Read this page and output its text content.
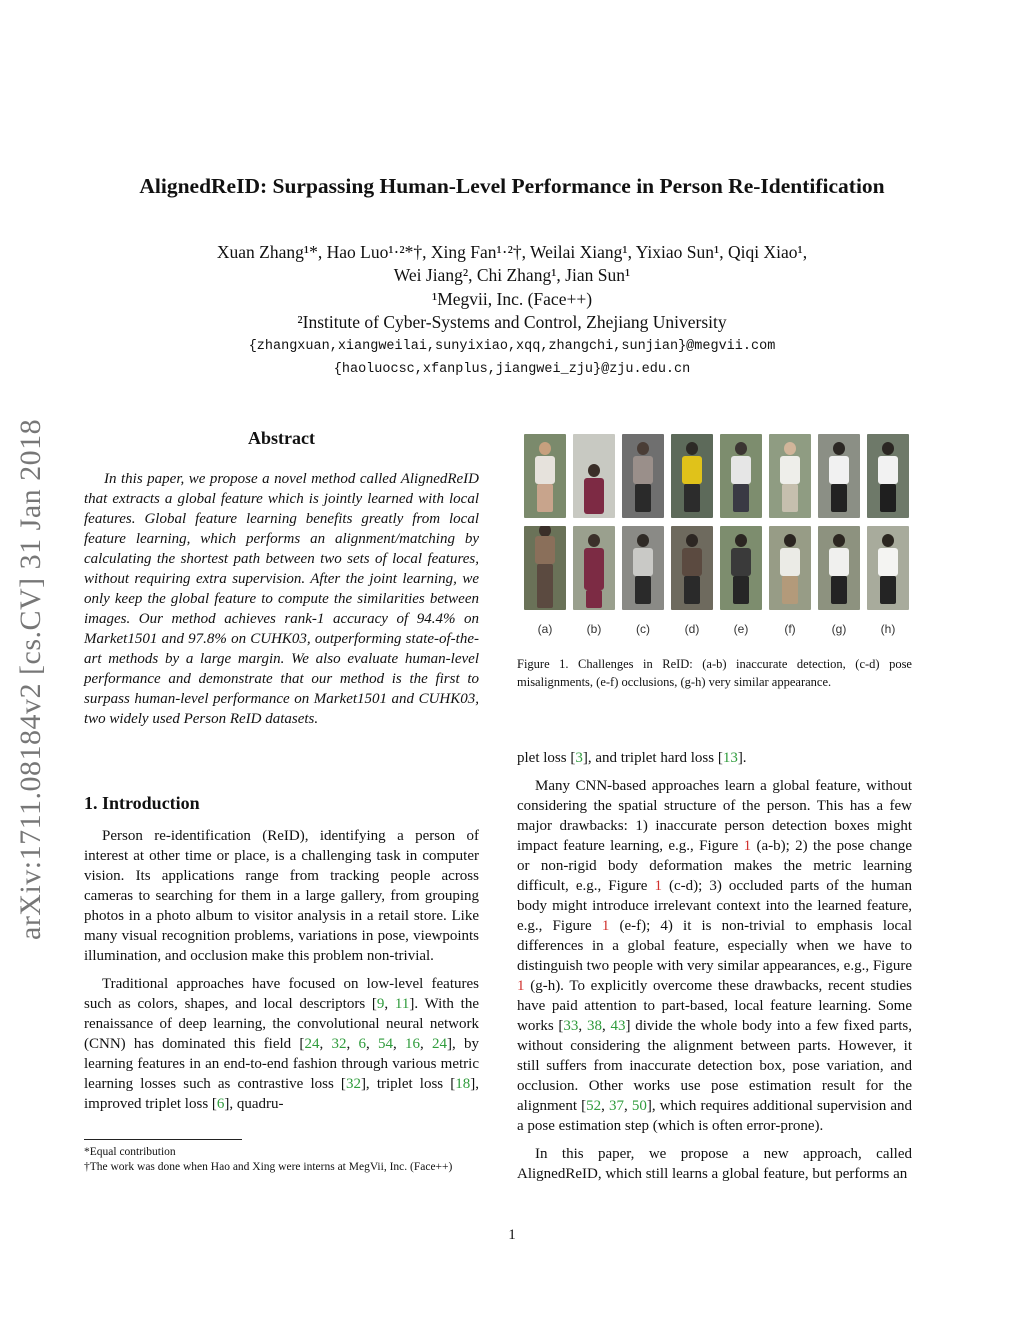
arXiv:1711.08184v2 [cs.CV] 31 Jan 2018
AlignedReID: Surpassing Human-Level Performance in Person Re-Identification
Xuan Zhang¹*, Hao Luo¹·²*†, Xing Fan¹·²†, Weilai Xiang¹, Yixiao Sun¹, Qiqi Xiao¹,
Wei Jiang², Chi Zhang¹, Jian Sun¹
¹Megvii, Inc. (Face++)
²Institute of Cyber-Systems and Control, Zhejiang University
{zhangxuan,xiangweilai,sunyixiao,xqq,zhangchi,sunjian}@megvii.com
{haoluocsc,xfanplus,jiangwei_zju}@zju.edu.cn
Abstract

In this paper, we propose a novel method called AlignedReID that extracts a global feature which is jointly learned with local features. Global feature learning benefits greatly from local feature learning, which performs an alignment/matching by calculating the shortest path between two sets of local features, without requiring extra supervision. After the joint learning, we only keep the global feature to compute the similarities between images. Our method achieves rank-1 accuracy of 94.4% on Market1501 and 97.8% on CUHK03, outperforming state-of-the-art methods by a large margin. We also evaluate human-level performance and demonstrate that our method is the first to surpass human-level performance on Market1501 and CUHK03, two widely used Person ReID datasets.

1. Introduction

Person re-identification (ReID), identifying a person of interest at other time or place, is a challenging task in computer vision. Its applications range from tracking people across cameras to searching for them in a large gallery, from grouping photos in a photo album to visitor analysis in a retail store. Like many visual recognition problems, variations in pose, viewpoints illumination, and occlusion make this problem non-trivial.

Traditional approaches have focused on low-level features such as colors, shapes, and local descriptors [9, 11]. With the renaissance of deep learning, the convolutional neural network (CNN) has dominated this field [24, 32, 6, 54, 16, 24], by learning features in an end-to-end fashion through various metric learning losses such as contrastive loss [32], triplet loss [18], improved triplet loss [6], quadru-

*Equal contribution
†The work was done when Hao and Xing were interns at MegVii, Inc. (Face++)
(a)	(b)	(c)	(d)	(e)	(f)	(g)	(h)
Figure 1. Challenges in ReID: (a-b) inaccurate detection, (c-d) pose misalignments, (e-f) occlusions, (g-h) very similar appearance.

plet loss [3], and triplet hard loss [13].

Many CNN-based approaches learn a global feature, without considering the spatial structure of the person. This has a few major drawbacks: 1) inaccurate person detection boxes might impact feature learning, e.g., Figure 1 (a-b); 2) the pose change or non-rigid body deformation makes the metric learning difficult, e.g., Figure 1 (c-d); 3) occluded parts of the human body might introduce irrelevant context into the learned feature, e.g., Figure 1 (e-f); 4) it is non-trivial to emphasis local differences in a global feature, especially when we have to distinguish two people with very similar appearances, e.g., Figure 1 (g-h). To explicitly overcome these drawbacks, recent studies have paid attention to part-based, local feature learning. Some works [33, 38, 43] divide the whole body into a few fixed parts, without considering the alignment between parts. However, it still suffers from inaccurate detection box, pose variation, and occlusion. Other works use pose estimation result for the alignment [52, 37, 50], which requires additional supervision and a pose estimation step (which is often error-prone).

In this paper, we propose a new approach, called AlignedReID, which still learns a global feature, but performs an

1
